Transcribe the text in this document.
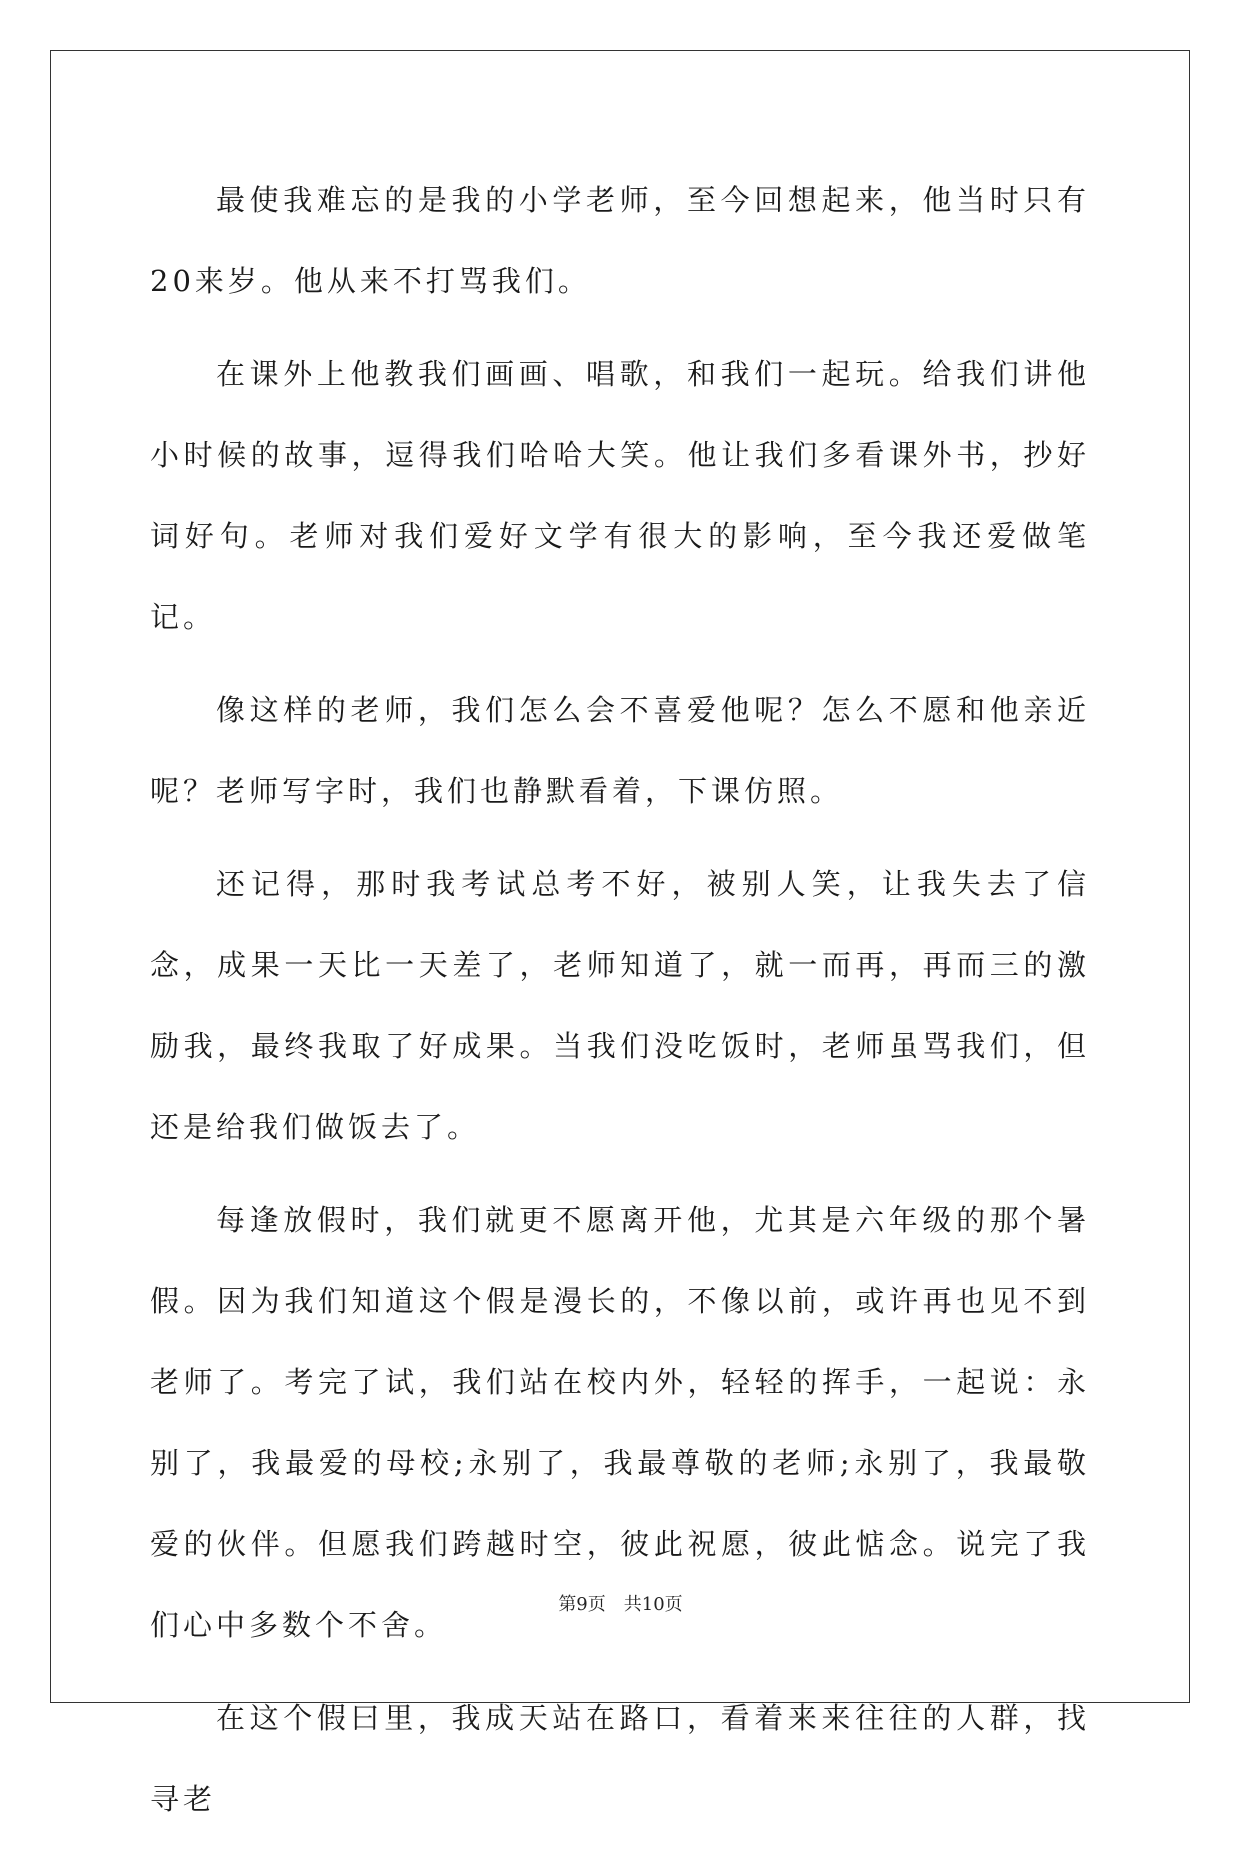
最使我难忘的是我的小学老师，至今回想起来，他当时只有20来岁。他从来不打骂我们。

在课外上他教我们画画、唱歌，和我们一起玩。给我们讲他小时候的故事，逗得我们哈哈大笑。他让我们多看课外书，抄好词好句。老师对我们爱好文学有很大的影响，至今我还爱做笔记。

像这样的老师，我们怎么会不喜爱他呢？怎么不愿和他亲近呢？老师写字时，我们也静默看着，下课仿照。

还记得，那时我考试总考不好，被别人笑，让我失去了信念，成果一天比一天差了，老师知道了，就一而再，再而三的激励我，最终我取了好成果。当我们没吃饭时，老师虽骂我们，但还是给我们做饭去了。

每逢放假时，我们就更不愿离开他，尤其是六年级的那个暑假。因为我们知道这个假是漫长的，不像以前，或许再也见不到老师了。考完了试，我们站在校内外，轻轻的挥手，一起说：永别了，我最爱的母校;永别了，我最尊敬的老师;永别了，我最敬爱的伙伴。但愿我们跨越时空，彼此祝愿，彼此惦念。说完了我们心中多数个不舍。

在这个假曰里，我成天站在路口，看着来来往往的人群，找寻老

第9页 共10页
